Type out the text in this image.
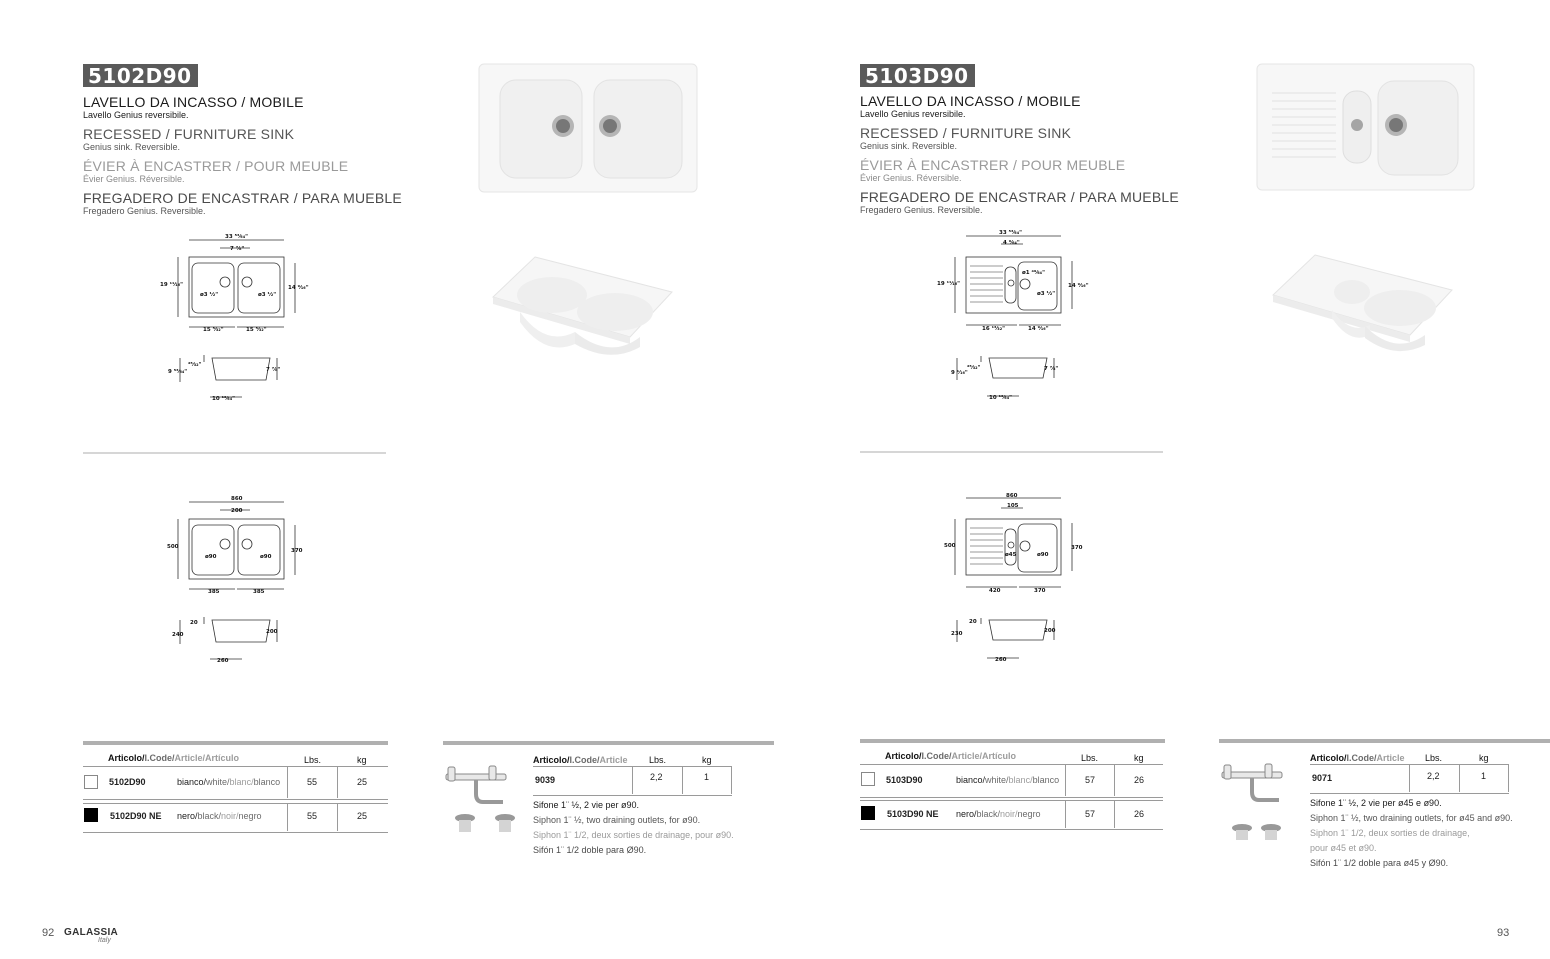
5102D90
LAVELLO DA INCASSO / MOBILE
Lavello Genius reversibile.
RECESSED / FURNITURE SINK
Genius sink. Reversible.
ÉVIER À ENCASTRER / POUR MEUBLE
Évier Genius. Réversible.
FREGADERO DE ENCASTRAR / PARA MUEBLE
Fregadero Genius. Reversible.
33 ⁵³⁄₆₄"
7 ⅞"
19 ¹¹⁄₁₆"	14 ⁹⁄₁₆"
ø3 ½"	ø3 ½"
15 ⁵⁄₃₂"	15 ⁵⁄₃₂"
²⁵⁄₃₂"
7 ⅞"
9 ⁵³⁄₆₄"
10 ¹³⁄₆₄"
860
200
500
370
ø90	ø90
385	385
20
200
240
260
Articolo/I.Code/Article/Artículo	Lbs.	kg
5102D90	bianco/white/blanc/blanco	55	25
5102D90 NE nero/black/noir/negro	55	25
Articolo/I.Code/Article Lbs.	kg
9039	2,2	1
Sifone 1¨ ½, 2 vie per ø90.
Siphon 1¨ ½, two draining outlets, for ø90.
Siphon 1¨ 1/2, deux sorties de drainage, pour ø90.
Sifón 1¨ 1/2 doble para Ø90.
92 GALASSIA
Italy
5103D90
LAVELLO DA INCASSO / MOBILE
Lavello Genius reversibile.
RECESSED / FURNITURE SINK
Genius sink. Reversible.
ÉVIER À ENCASTRER / POUR MEUBLE
Évier Genius. Réversible.
FREGADERO DE ENCASTRAR / PARA MUEBLE
Fregadero Genius. Reversible.
33 ⁵³⁄₆₄"
4 ⁹⁄₆₄"
19 ¹¹⁄₁₆"	14 ⁹⁄₁₆"
ø1 ⁴⁹⁄₆₄"
ø3 ½"
16 ¹³⁄₃₂"	14 ⁹⁄₁₆"
²⁵⁄₃₂"	7 ⅞"
9 ¹⁄₁₆"
10 ¹³⁄₆₄"
860
105
500	370
ø45	ø90
420	370
20
200
230
260
Articolo/I.Code/Article/Artículo	Lbs.	kg
5103D90	bianco/white/blanc/blanco	57	26
5103D90 NE nero/black/noir/negro	57	26
Articolo/I.Code/Article Lbs.	kg
9071	2,2	1
Sifone 1¨ ½, 2 vie per ø45 e ø90.
Siphon 1¨ ½, two draining outlets, for ø45 and ø90.
Siphon 1¨ 1/2, deux sorties de drainage,
pour ø45 et ø90.
Sifón 1¨ 1/2 doble para ø45 y Ø90.
93
